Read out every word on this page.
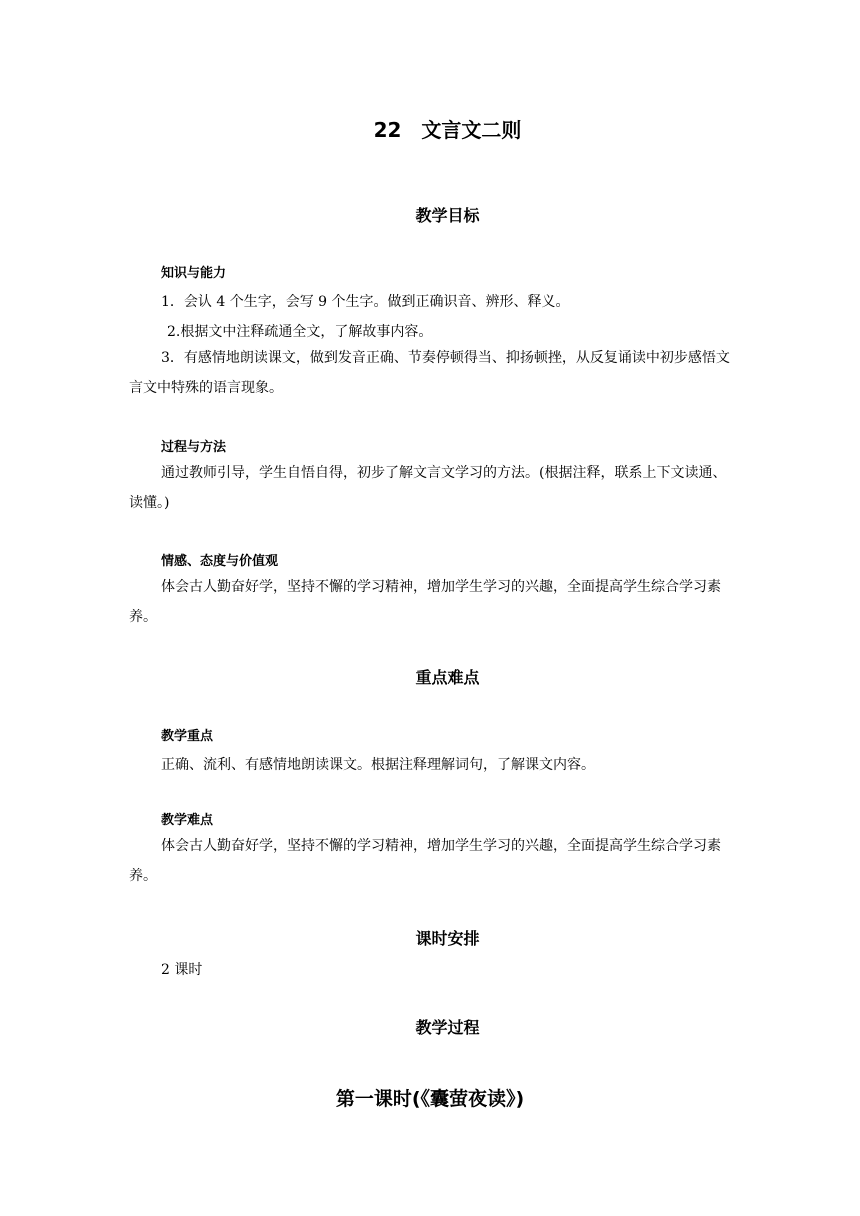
22　文言文二则
教学目标
知识与能力
1．会认 4 个生字，会写 9 个生字。做到正确识音、辨形、释义。
2.根据文中注释疏通全文，了解故事内容。
3．有感情地朗读课文，做到发音正确、节奏停顿得当、抑扬顿挫，从反复诵读中初步感悟文言文中特殊的语言现象。
过程与方法
通过教师引导，学生自悟自得，初步了解文言文学习的方法。(根据注释，联系上下文读通、读懂。)
情感、态度与价值观
体会古人勤奋好学，坚持不懈的学习精神，增加学生学习的兴趣，全面提高学生综合学习素养。
重点难点
教学重点
正确、流利、有感情地朗读课文。根据注释理解词句，了解课文内容。
教学难点
体会古人勤奋好学，坚持不懈的学习精神，增加学生学习的兴趣，全面提高学生综合学习素养。
课时安排
2 课时
教学过程
第一课时(《囊萤夜读》)
